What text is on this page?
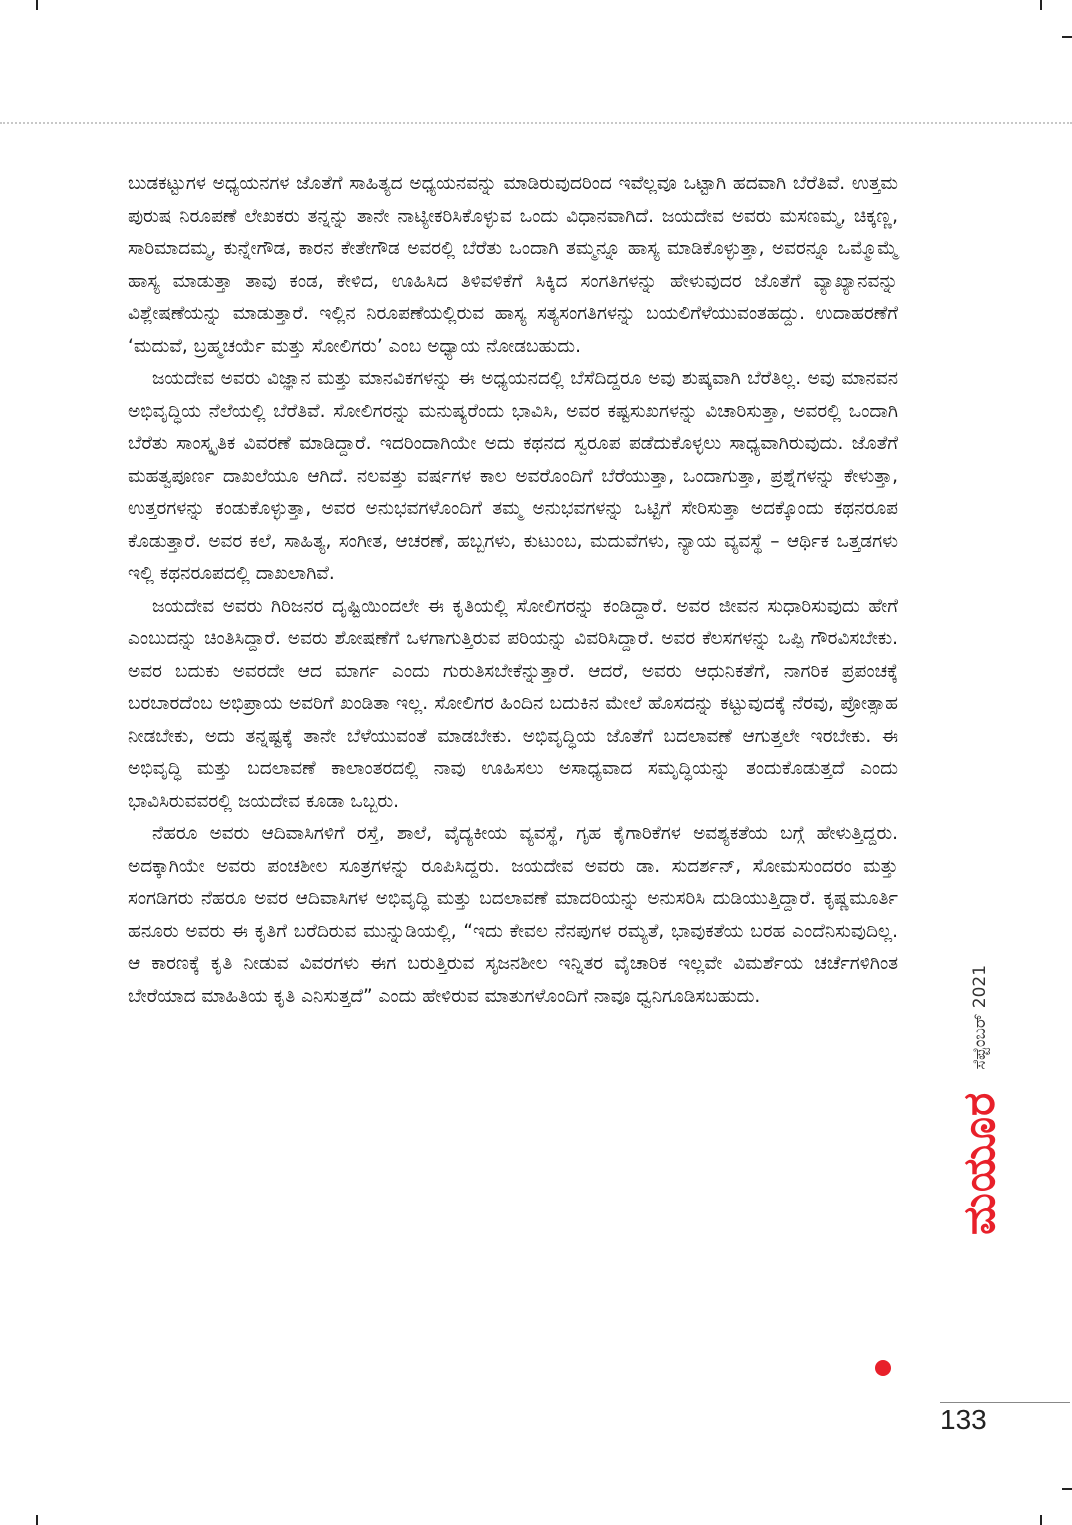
ಬುಡಕಟ್ಟುಗಳ ಅಧ್ಯಯನಗಳ ಜೊತೆಗೆ ಸಾಹಿತ್ಯದ ಅಧ್ಯಯನವನ್ನು ಮಾಡಿರುವುದರಿಂದ ಇವೆಲ್ಲವೂ ಒಟ್ಟಾಗಿ ಹದವಾಗಿ ಬೆರೆತಿವೆ. ಉತ್ತಮ ಪುರುಷ ನಿರೂಪಣೆ ಲೇಖಕರು ತನ್ನನ್ನು ತಾನೇ ನಾಟ್ಯೀಕರಿಸಿಕೊಳ್ಳುವ ಒಂದು ವಿಧಾನವಾಗಿದೆ. ಜಯದೇವ ಅವರು ಮಸಣಮ್ಮ, ಚಿಕ್ಕಣ್ಣ, ಸಾರಿಮಾದಮ್ಮ, ಕುನ್ನೇಗೌಡ, ಕಾರನ ಕೇತೇಗೌಡ ಅವರಲ್ಲಿ ಬೆರೆತು ಒಂದಾಗಿ ತಮ್ಮನ್ನೂ ಹಾಸ್ಯ ಮಾಡಿಕೊಳ್ಳುತ್ತಾ, ಅವರನ್ನೂ ಒಮ್ಮೊಮ್ಮೆ ಹಾಸ್ಯ ಮಾಡುತ್ತಾ ತಾವು ಕಂಡ, ಕೇಳಿದ, ಊಹಿಸಿದ ತಿಳಿವಳಿಕೆಗೆ ಸಿಕ್ಕಿದ ಸಂಗತಿಗಳನ್ನು ಹೇಳುವುದರ ಜೊತೆಗೆ ವ್ಯಾಖ್ಯಾನವನ್ನು ವಿಶ್ಲೇಷಣೆಯನ್ನು ಮಾಡುತ್ತಾರೆ. ಇಲ್ಲಿನ ನಿರೂಪಣೆಯಲ್ಲಿರುವ ಹಾಸ್ಯ ಸತ್ಯಸಂಗತಿಗಳನ್ನು ಬಯಲಿಗೆಳೆಯುವಂತಹದ್ದು. ಉದಾಹರಣೆಗೆ ‘ಮದುವೆ, ಬ್ರಹ್ಮಚರ್ಯೆ ಮತ್ತು ಸೋಲಿಗರು’ ಎಂಬ ಅಧ್ಯಾಯ ನೋಡಬಹುದು.

ಜಯದೇವ ಅವರು ವಿಜ್ಞಾನ ಮತ್ತು ಮಾನವಿಕಗಳನ್ನು ಈ ಅಧ್ಯಯನದಲ್ಲಿ ಬೆಸೆದಿದ್ದರೂ ಅವು ಶುಷ್ಕವಾಗಿ ಬೆರೆತಿಲ್ಲ. ಅವು ಮಾನವನ ಅಭಿವೃದ್ಧಿಯ ನೆಲೆಯಲ್ಲಿ ಬೆರೆತಿವೆ. ಸೋಲಿಗರನ್ನು ಮನುಷ್ಯರೆಂದು ಭಾವಿಸಿ, ಅವರ ಕಷ್ಟಸುಖಗಳನ್ನು ವಿಚಾರಿಸುತ್ತಾ, ಅವರಲ್ಲಿ ಒಂದಾಗಿ ಬೆರೆತು ಸಾಂಸ್ಕೃತಿಕ ವಿವರಣೆ ಮಾಡಿದ್ದಾರೆ. ಇದರಿಂದಾಗಿಯೇ ಅದು ಕಥನದ ಸ್ವರೂಪ ಪಡೆದುಕೊಳ್ಳಲು ಸಾಧ್ಯವಾಗಿರುವುದು. ಜೊತೆಗೆ ಮಹತ್ವಪೂರ್ಣ ದಾಖಲೆಯೂ ಆಗಿದೆ. ನಲವತ್ತು ವರ್ಷಗಳ ಕಾಲ ಅವರೊಂದಿಗೆ ಬೆರೆಯುತ್ತಾ, ಒಂದಾಗುತ್ತಾ, ಪ್ರಶ್ನೆಗಳನ್ನು ಕೇಳುತ್ತಾ, ಉತ್ತರಗಳನ್ನು ಕಂಡುಕೊಳ್ಳುತ್ತಾ, ಅವರ ಅನುಭವಗಳೊಂದಿಗೆ ತಮ್ಮ ಅನುಭವಗಳನ್ನು ಒಟ್ಟಿಗೆ ಸೇರಿಸುತ್ತಾ ಅದಕ್ಕೊಂದು ಕಥನರೂಪ ಕೊಡುತ್ತಾರೆ. ಅವರ ಕಲೆ, ಸಾಹಿತ್ಯ, ಸಂಗೀತ, ಆಚರಣೆ, ಹಬ್ಬಗಳು, ಕುಟುಂಬ, ಮದುವೆಗಳು, ನ್ಯಾಯ ವ್ಯವಸ್ಥೆ – ಆರ್ಥಿಕ ಒತ್ತಡಗಳು ಇಲ್ಲಿ ಕಥನರೂಪದಲ್ಲಿ ದಾಖಲಾಗಿವೆ.

ಜಯದೇವ ಅವರು ಗಿರಿಜನರ ದೃಷ್ಟಿಯಿಂದಲೇ ಈ ಕೃತಿಯಲ್ಲಿ ಸೋಲಿಗರನ್ನು ಕಂಡಿದ್ದಾರೆ. ಅವರ ಜೀವನ ಸುಧಾರಿಸುವುದು ಹೇಗೆ ಎಂಬುದನ್ನು ಚಿಂತಿಸಿದ್ದಾರೆ. ಅವರು ಶೋಷಣೆಗೆ ಒಳಗಾಗುತ್ತಿರುವ ಪರಿಯನ್ನು ವಿವರಿಸಿದ್ದಾರೆ. ಅವರ ಕೆಲಸಗಳನ್ನು ಒಪ್ಪಿ ಗೌರವಿಸಬೇಕು. ಅವರ ಬದುಕು ಅವರದೇ ಆದ ಮಾರ್ಗ ಎಂದು ಗುರುತಿಸಬೇಕೆನ್ನುತ್ತಾರೆ. ಆದರೆ, ಅವರು ಆಧುನಿಕತೆಗೆ, ನಾಗರಿಕ ಪ್ರಪಂಚಕ್ಕೆ ಬರಬಾರದೆಂಬ ಅಭಿಪ್ರಾಯ ಅವರಿಗೆ ಖಂಡಿತಾ ಇಲ್ಲ. ಸೋಲಿಗರ ಹಿಂದಿನ ಬದುಕಿನ ಮೇಲೆ ಹೊಸದನ್ನು ಕಟ್ಟುವುದಕ್ಕೆ ನೆರವು, ಪ್ರೋತ್ಸಾಹ ನೀಡಬೇಕು, ಅದು ತನ್ನಷ್ಟಕ್ಕೆ ತಾನೇ ಬೆಳೆಯುವಂತೆ ಮಾಡಬೇಕು. ಅಭಿವೃದ್ಧಿಯ ಜೊತೆಗೆ ಬದಲಾವಣೆ ಆಗುತ್ತಲೇ ಇರಬೇಕು. ಈ ಅಭಿವೃದ್ಧಿ ಮತ್ತು ಬದಲಾವಣೆ ಕಾಲಾಂತರದಲ್ಲಿ ನಾವು ಊಹಿಸಲು ಅಸಾಧ್ಯವಾದ ಸಮೃದ್ಧಿಯನ್ನು ತಂದುಕೊಡುತ್ತದೆ ಎಂದು ಭಾವಿಸಿರುವವರಲ್ಲಿ ಜಯದೇವ ಕೂಡಾ ಒಬ್ಬರು.

ನೆಹರೂ ಅವರು ಆದಿವಾಸಿಗಳಿಗೆ ರಸ್ತೆ, ಶಾಲೆ, ವೈದ್ಯಕೀಯ ವ್ಯವಸ್ಥೆ, ಗೃಹ ಕೈಗಾರಿಕೆಗಳ ಅವಶ್ಯಕತೆಯ ಬಗ್ಗೆ ಹೇಳುತ್ತಿದ್ದರು. ಅದಕ್ಕಾಗಿಯೇ ಅವರು ಪಂಚಶೀಲ ಸೂತ್ರಗಳನ್ನು ರೂಪಿಸಿದ್ದರು. ಜಯದೇವ ಅವರು ಡಾ. ಸುದರ್ಶನ್, ಸೋಮಸುಂದರಂ ಮತ್ತು ಸಂಗಡಿಗರು ನೆಹರೂ ಅವರ ಆದಿವಾಸಿಗಳ ಅಭಿವೃದ್ಧಿ ಮತ್ತು ಬದಲಾವಣೆ ಮಾದರಿಯನ್ನು ಅನುಸರಿಸಿ ದುಡಿಯುತ್ತಿದ್ದಾರೆ. ಕೃಷ್ಣಮೂರ್ತಿ ಹನೂರು ಅವರು ಈ ಕೃತಿಗೆ ಬರೆದಿರುವ ಮುನ್ನುಡಿಯಲ್ಲಿ, “ಇದು ಕೇವಲ ನೆನಪುಗಳ ರಮ್ಯತೆ, ಭಾವುಕತೆಯ ಬರಹ ಎಂದೆನಿಸುವುದಿಲ್ಲ. ಆ ಕಾರಣಕ್ಕೆ ಕೃತಿ ನೀಡುವ ವಿವರಗಳು ಈಗ ಬರುತ್ತಿರುವ ಸೃಜನಶೀಲ ಇನ್ನಿತರ ವೈಚಾರಿಕ ಇಲ್ಲವೇ ವಿಮರ್ಶೆಯ ಚರ್ಚೆಗಳಿಗಿಂತ ಬೇರೆಯಾದ ಮಾಹಿತಿಯ ಕೃತಿ ಎನಿಸುತ್ತದೆ” ಎಂದು ಹೇಳಿರುವ ಮಾತುಗಳೊಂದಿಗೆ ನಾವೂ ಧ್ವನಿಗೂಡಿಸಬಹುದು.

ಮಯೂರ
ಸೆಪ್ಟೆಂಬರ್ 2021
133
